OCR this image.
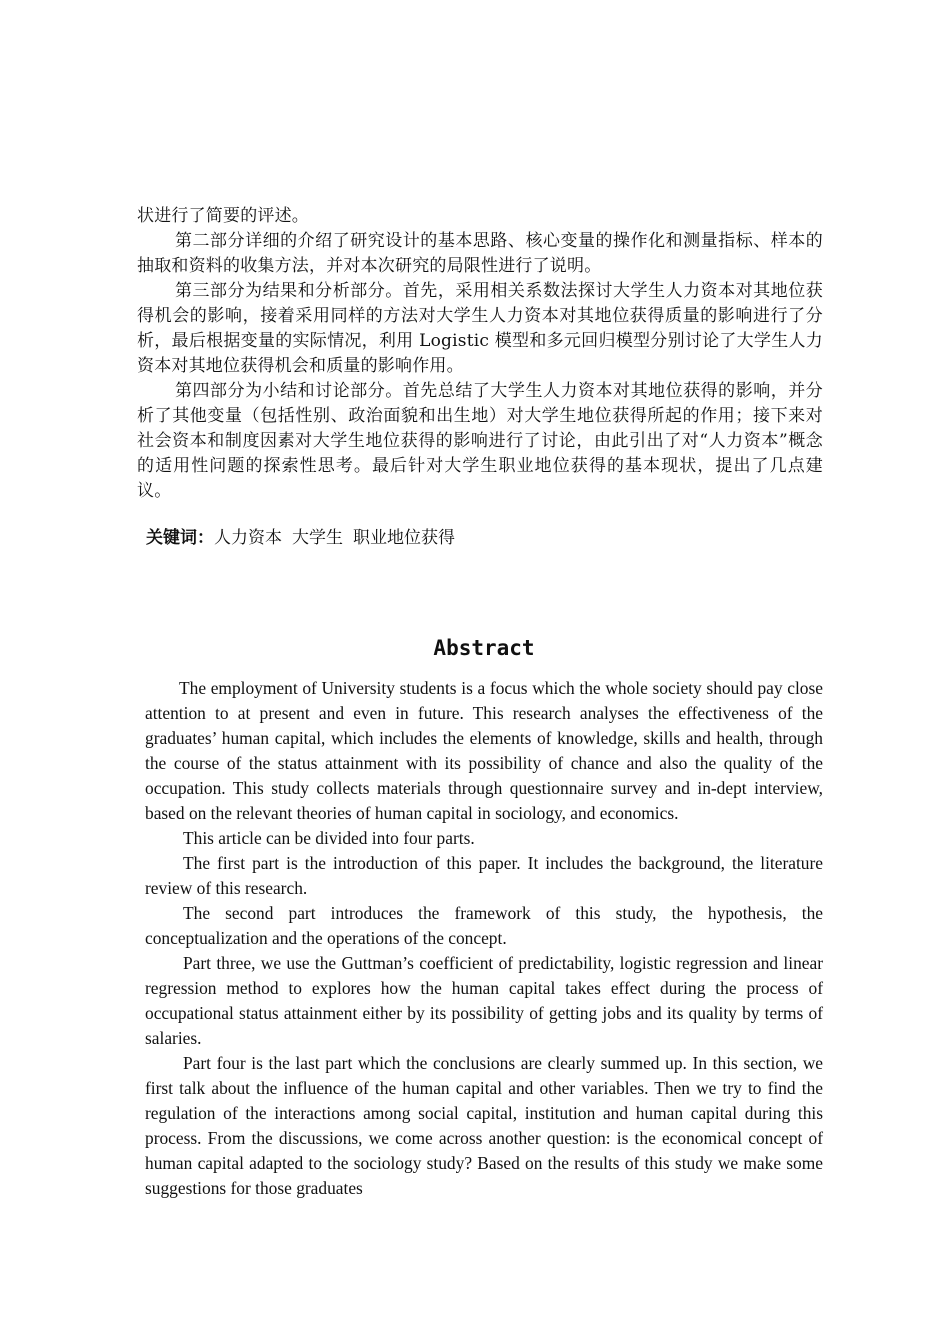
状进行了简要的评述。

第二部分详细的介绍了研究设计的基本思路、核心变量的操作化和测量指标、样本的抽取和资料的收集方法，并对本次研究的局限性进行了说明。

第三部分为结果和分析部分。首先，采用相关系数法探讨大学生人力资本对其地位获得机会的影响，接着采用同样的方法对大学生人力资本对其地位获得质量的影响进行了分析，最后根据变量的实际情况，利用 Logistic 模型和多元回归模型分别讨论了大学生人力资本对其地位获得机会和质量的影响作用。

第四部分为小结和讨论部分。首先总结了大学生人力资本对其地位获得的影响，并分析了其他变量（包括性别、政治面貌和出生地）对大学生地位获得所起的作用；接下来对社会资本和制度因素对大学生地位获得的影响进行了讨论，由此引出了对“人力资本”概念的适用性问题的探索性思考。最后针对大学生职业地位获得的基本现状，提出了几点建议。

关键词：人力资本 大学生 职业地位获得
Abstract

The employment of University students is a focus which the whole society should pay close attention to at present and even in future. This research analyses the effectiveness of the graduates’ human capital, which includes the elements of knowledge, skills and health, through the course of the status attainment with its possibility of chance and also the quality of the occupation. This study collects materials through questionnaire survey and in-dept interview, based on the relevant theories of human capital in sociology, and economics.

This article can be divided into four parts.

The first part is the introduction of this paper. It includes the background, the literature review of this research.

The second part introduces the framework of this study, the hypothesis, the conceptualization and the operations of the concept.

Part three, we use the Guttman’s coefficient of predictability, logistic regression and linear regression method to explores how the human capital takes effect during the process of occupational status attainment either by its possibility of getting jobs and its quality by terms of salaries.

Part four is the last part which the conclusions are clearly summed up. In this section, we first talk about the influence of the human capital and other variables. Then we try to find the regulation of the interactions among social capital, institution and human capital during this process. From the discussions, we come across another question: is the economical concept of human capital adapted to the sociology study? Based on the results of this study we make some suggestions for those graduates
